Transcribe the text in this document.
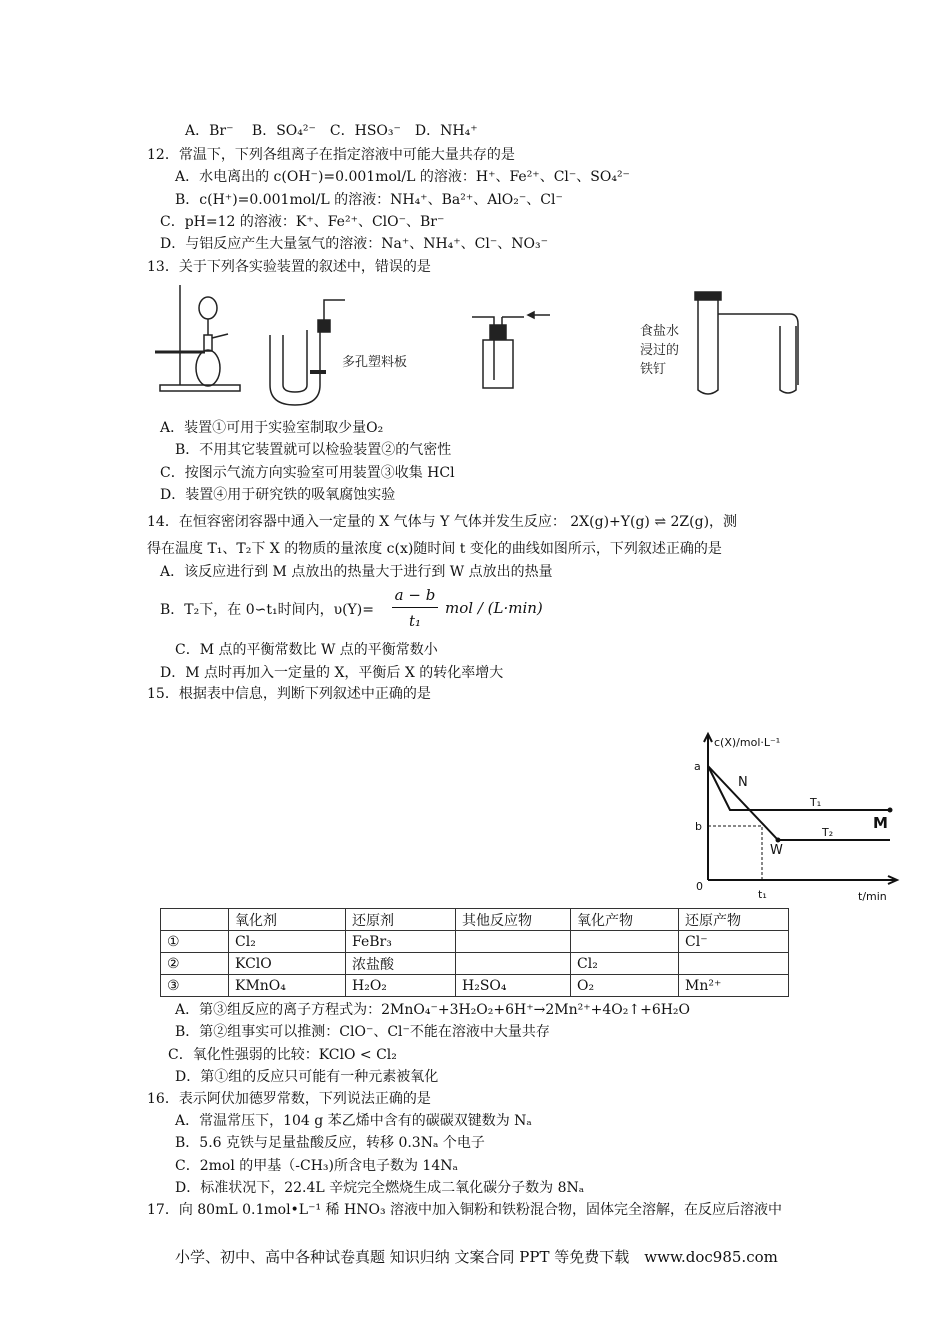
A．Br⁻　 B．SO₄²⁻　C．HSO₃⁻　D．NH₄⁺
12．常温下，下列各组离子在指定溶液中可能大量共存的是
A．水电离出的 c(OH⁻)=0.001mol/L 的溶液：H⁺、Fe²⁺、Cl⁻、SO₄²⁻
B．c(H⁺)=0.001mol/L 的溶液：NH₄⁺、Ba²⁺、AlO₂⁻、Cl⁻
C．pH=12 的溶液：K⁺、Fe²⁺、ClO⁻、Br⁻
D．与铝反应产生大量氢气的溶液：Na⁺、NH₄⁺、Cl⁻、NO₃⁻
13．关于下列各实验装置的叙述中，错误的是
多孔塑料板
食盐水 浸过的 铁钉
A．装置①可用于实验室制取少量O₂
B．不用其它装置就可以检验装置②的气密性
C．按图示气流方向实验室可用装置③收集 HCl
D．装置④用于研究铁的吸氧腐蚀实验
14．在恒容密闭容器中通入一定量的 X 气体与 Y 气体并发生反应： 2X(g)+Y(g) ⇌ 2Z(g)，测
得在温度 T₁、T₂下 X 的物质的量浓度 c(x)随时间 t 变化的曲线如图所示，下列叙述正确的是
A．该反应进行到 M 点放出的热量大于进行到 W 点放出的热量
B．T₂下，在 0∽t₁时间内，υ(Y)=
a − b
t₁
mol / (L·min)
C．M 点的平衡常数比 W 点的平衡常数小
D．M 点时再加入一定量的 X，平衡后 X 的转化率增大
15．根据表中信息，判断下列叙述中正确的是
c(X)/mol·L⁻¹
a
b
0
t₁	t/min
N
M
W
T₁
T₂
	氧化剂	还原剂	其他反应物	氧化产物	还原产物
①	Cl₂	FeBr₃			Cl⁻
②	KClO	浓盐酸		Cl₂	
③	KMnO₄	H₂O₂	H₂SO₄	O₂	Mn²⁺
A．第③组反应的离子方程式为：2MnO₄⁻+3H₂O₂+6H⁺→2Mn²⁺+4O₂↑+6H₂O
B．第②组事实可以推测：ClO⁻、Cl⁻不能在溶液中大量共存
C．氧化性强弱的比较：KClO < Cl₂
D．第①组的反应只可能有一种元素被氧化
16．表示阿伏加德罗常数，下列说法正确的是
A．常温常压下，104 g 苯乙烯中含有的碳碳双键数为 Nₐ
B．5.6 克铁与足量盐酸反应，转移 0.3Nₐ 个电子
C．2mol 的甲基（-CH₃)所含电子数为 14Nₐ
D．标准状况下，22.4L 辛烷完全燃烧生成二氧化碳分子数为 8Nₐ
17．向 80mL 0.1mol•L⁻¹ 稀 HNO₃ 溶液中加入铜粉和铁粉混合物，固体完全溶解，在反应后溶液中
小学、初中、高中各种试卷真题 知识归纳 文案合同 PPT 等免费下载　www.doc985.com
